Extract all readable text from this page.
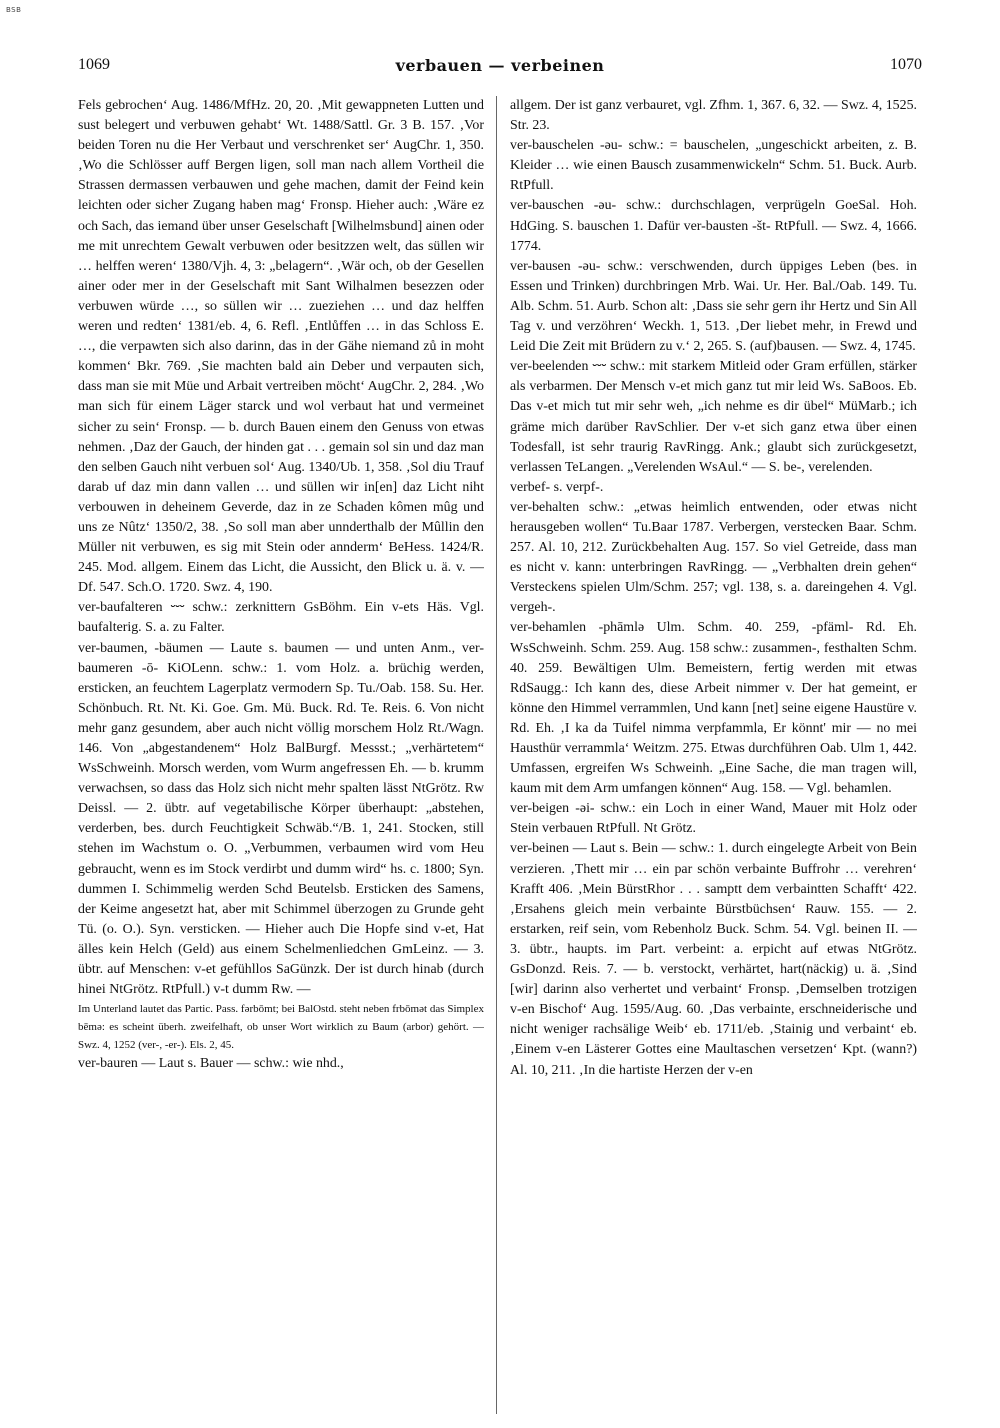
BSB
1069	verbauen — verbeinen	1070

Fels gebrochen‘ Aug. 1486/MfHz. 20, 20. ‚Mit gewappneten Lutten und sust belegert und verbuwen gehabt‘ Wt. 1488/Sattl. Gr. 3 B. 157. ‚Vor beiden Toren nu die Her Verbaut und verschrenket ser‘ AugChr. 1, 350. ‚Wo die Schlösser auff Bergen ligen, soll man nach allem Vortheil die Strassen dermassen verbauwen und gehe machen, damit der Feind kein leichten oder sicher Zugang haben mag‘ Fronsp. Hieher auch: ‚Wäre ez och Sach, das iemand über unser Geselschaft [Wilhelmsbund] ainen oder me mit unrechtem Gewalt verbuwen oder besitzzen welt, das süllen wir … helffen weren‘ 1380/Vjh. 4, 3: „belagern“. ‚Wär och, ob der Gesellen ainer oder mer in der Geselschaft mit Sant Wilhalmen besezzen oder verbuwen würde …, so süllen wir … zueziehen … und daz helffen weren und redten‘ 1381/eb. 4, 6. Refl. ‚Entlůffen … in das Schloss E. …, die verpawten sich also darinn, das in der Gähe niemand zů in moht kommen‘ Bkr. 769. ‚Sie machten bald ain Deber und verpauten sich, dass man sie mit Müe und Arbait vertreiben möcht‘ AugChr. 2, 284. ‚Wo man sich für einem Läger starck und wol verbaut hat und vermeinet sicher zu sein‘ Fronsp. — b. durch Bauen einem den Genuss von etwas nehmen. ‚Daz der Gauch, der hinden gat . . . gemain sol sin und daz man den selben Gauch niht verbuen sol‘ Aug. 1340/Ub. 1, 358. ‚Sol diu Trauf darab uf daz min dann vallen … und süllen wir in[en] daz Licht niht verbouwen in deheinem Geverde, daz in ze Schaden kômen mûg und uns ze Nûtz‘ 1350/2, 38. ‚So soll man aber unnderthalb der Mûllin den Müller nit verbuwen, es sig mit Stein oder annderm‘ BeHess. 1424/R. 245. Mod. allgem. Einem das Licht, die Aussicht, den Blick u. ä. v. — Df. 547. Sch.O. 1720. Swz. 4, 190.

ver-baufalteren ⏑⏑⏑ schw.: zerknittern GsBöhm. Ein v-ets Häs. Vgl. baufalterig. S. a. zu Falter.

ver-baumen, -bäumen — Laute s. baumen — und unten Anm., ver-baumeren -ō- KiOLenn. schw.: 1. vom Holz. a. brüchig werden, ersticken, an feuchtem Lagerplatz vermodern Sp. Tu./Oab. 158. Su. Her. Schönbuch. Rt. Nt. Ki. Goe. Gm. Mü. Buck. Rd. Te. Reis. 6. Von nicht mehr ganz gesundem, aber auch nicht völlig morschem Holz Rt./Wagn. 146. Von „abgestandenem“ Holz BalBurgf. Messst.; „verhärtetem“ WsSchweinh. Morsch werden, vom Wurm angefressen Eh. — b. krumm verwachsen, so dass das Holz sich nicht mehr spalten lässt NtGrötz. Rw Deissl. — 2. übtr. auf vegetabilische Körper überhaupt: „abstehen, verderben, bes. durch Feuchtigkeit Schwäb.“/B. 1, 241. Stocken, still stehen im Wachstum o. O. „Verbummen, verbaumen wird vom Heu gebraucht, wenn es im Stock verdirbt und dumm wird“ hs. c. 1800; Syn. dummen I. Schimmelig werden Schd Beutelsb. Ersticken des Samens, der Keime angesetzt hat, aber mit Schimmel überzogen zu Grunde geht Tü. (o. O.). Syn. versticken. — Hieher auch Die Hopfe sind v-et, Hat älles kein Helch (Geld) aus einem Schelmenliedchen GmLeinz. — 3. übtr. auf Menschen: v-et gefühllos SaGünzk. Der ist durch hinab (durch hinei NtGrötz. RtPfull.) v-t dumm Rw. —

Im Unterland lautet das Partic. Pass. fərbōmt; bei BalOstd. steht neben frbōmət das Simplex bēmə: es scheint überh. zweifelhaft, ob unser Wort wirklich zu Baum (arbor) gehört. — Swz. 4, 1252 (ver-, -er-). Els. 2, 45.

ver-bauren — Laut s. Bauer — schw.: wie nhd.,

allgem. Der ist ganz verbauret, vgl. Zfhm. 1, 367. 6, 32. — Swz. 4, 1525. Str. 23.

ver-bauschelen -əu- schw.: = bauschelen, „ungeschickt arbeiten, z. B. Kleider … wie einen Bausch zusammenwickeln“ Schm. 51. Buck. Aurb. RtPfull.

ver-bauschen -əu- schw.: durchschlagen, verprügeln GoeSal. Hoh. HdGing. S. bauschen 1. Dafür ver-bausten -št- RtPfull. — Swz. 4, 1666. 1774.

ver-bausen -əu- schw.: verschwenden, durch üppiges Leben (bes. in Essen und Trinken) durchbringen Mrb. Wai. Ur. Her. Bal./Oab. 149. Tu. Alb. Schm. 51. Aurb. Schon alt: ‚Dass sie sehr gern ihr Hertz und Sin All Tag v. und verzöhren‘ Weckh. 1, 513. ‚Der liebet mehr, in Frewd und Leid Die Zeit mit Brüdern zu v.‘ 2, 265. S. (auf)bausen. — Swz. 4, 1745.

ver-beelenden ⏑⏑⏑ schw.: mit starkem Mitleid oder Gram erfüllen, stärker als verbarmen. Der Mensch v-et mich ganz tut mir leid Ws. SaBoos. Eb. Das v-et mich tut mir sehr weh, „ich nehme es dir übel“ MüMarb.; ich gräme mich darüber RavSchlier. Der v-et sich ganz etwa über einen Todesfall, ist sehr traurig RavRingg. Ank.; glaubt sich zurückgesetzt, verlassen TeLangen. „Verelenden WsAul.“ — S. be-, verelenden.

verbef- s. verpf-.

ver-behalten schw.: „etwas heimlich entwenden, oder etwas nicht herausgeben wollen“ Tu.Baar 1787. Verbergen, verstecken Baar. Schm. 257. Al. 10, 212. Zurückbehalten Aug. 157. So viel Getreide, dass man es nicht v. kann: unterbringen RavRingg. — „Verbhalten drein gehen“ Versteckens spielen Ulm/Schm. 257; vgl. 138, s. a. dareingehen 4. Vgl. vergeh-.

ver-behamlen -phāmlə Ulm. Schm. 40. 259, -pfäml- Rd. Eh. WsSchweinh. Schm. 259. Aug. 158 schw.: zusammen-, festhalten Schm. 40. 259. Bewältigen Ulm. Bemeistern, fertig werden mit etwas RdSaugg.: Ich kann des, diese Arbeit nimmer v. Der hat gemeint, er könne den Himmel verrammlen, Und kann [net] seine eigene Haustüre v. Rd. Eh. ‚I ka da Tuifel nimma verpfammla, Er könnt' mir — no mei Hausthür verrammla‘ Weitzm. 275. Etwas durchführen Oab. Ulm 1, 442. Umfassen, ergreifen Ws Schweinh. „Eine Sache, die man tragen will, kaum mit dem Arm umfangen können“ Aug. 158. — Vgl. behamlen.

ver-beigen -əi- schw.: ein Loch in einer Wand, Mauer mit Holz oder Stein verbauen RtPfull. Nt Grötz.

ver-beinen — Laut s. Bein — schw.: 1. durch eingelegte Arbeit von Bein verzieren. ‚Thett mir … ein par schön verbainte Buffrohr … verehren‘ Krafft 406. ‚Mein BürstRhor . . . samptt dem verbaintten Schafft‘ 422. ‚Ersahens gleich mein verbainte Bürstbüchsen‘ Rauw. 155. — 2. erstarken, reif sein, vom Rebenholz Buck. Schm. 54. Vgl. beinen II. — 3. übtr., haupts. im Part. verbeint: a. erpicht auf etwas NtGrötz. GsDonzd. Reis. 7. — b. verstockt, verhärtet, hart(näckig) u. ä. ‚Sind [wir] darinn also verhertet und verbaint‘ Fronsp. ‚Demselben trotzigen v-en Bischof‘ Aug. 1595/Aug. 60. ‚Das verbainte, erschneiderische und nicht weniger rachsälige Weib‘ eb. 1711/eb. ‚Stainig und verbaint‘ eb. ‚Einem v-en Lästerer Gottes eine Maultaschen versetzen‘ Kpt. (wann?) Al. 10, 211. ‚In die hartiste Herzen der v-en
